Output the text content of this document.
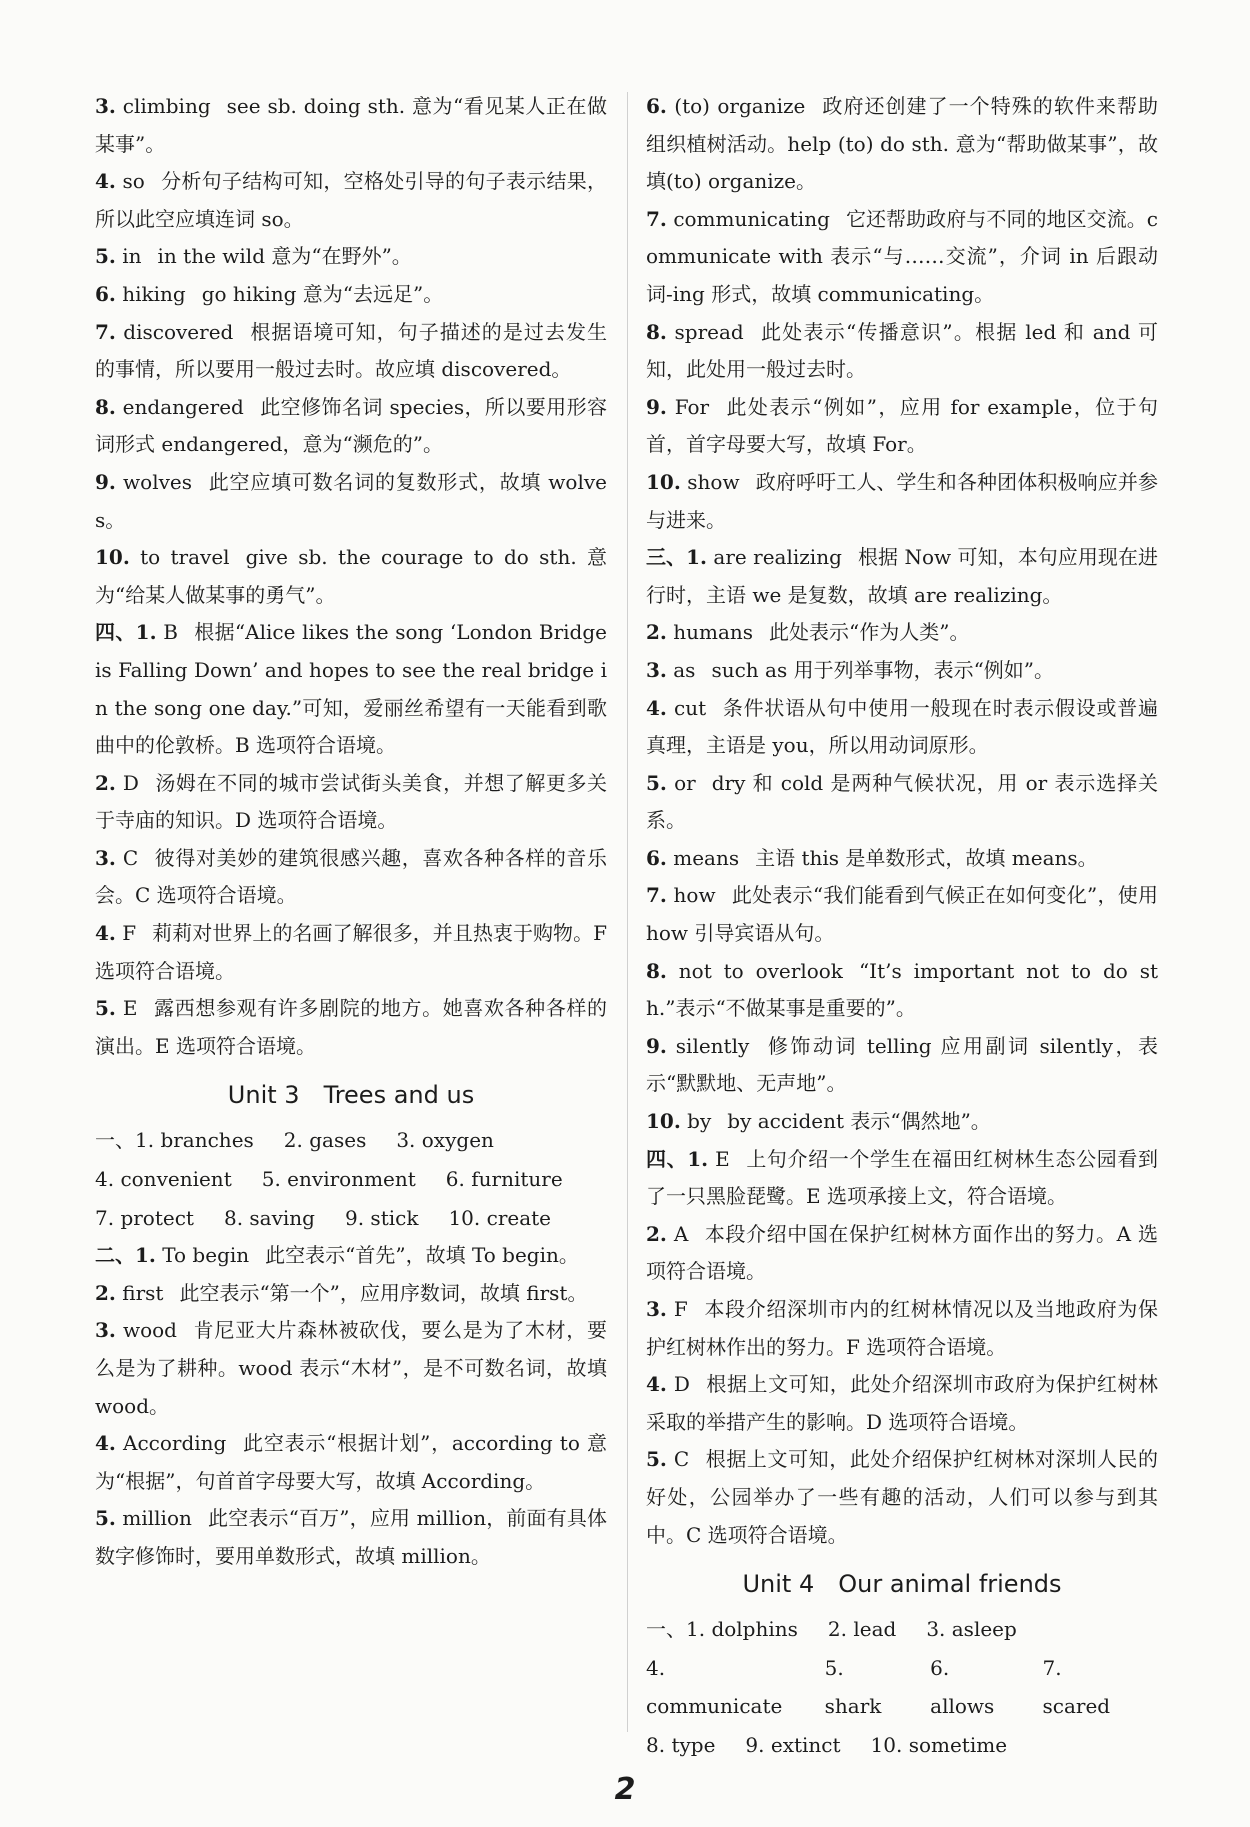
3. climbing see sb. doing sth. 意为“看见某人正在做某事”。

4. so 分析句子结构可知，空格处引导的句子表示结果，所以此空应填连词 so。

5. in in the wild 意为“在野外”。

6. hiking go hiking 意为“去远足”。

7. discovered 根据语境可知，句子描述的是过去发生的事情，所以要用一般过去时。故应填 discovered。

8. endangered 此空修饰名词 species，所以要用形容词形式 endangered，意为“濒危的”。

9. wolves 此空应填可数名词的复数形式，故填 wolves。

10. to travel give sb. the courage to do sth. 意为“给某人做某事的勇气”。

四、1. B 根据“Alice likes the song ‘London Bridge is Falling Down’ and hopes to see the real bridge in the song one day.”可知，爱丽丝希望有一天能看到歌曲中的伦敦桥。B 选项符合语境。

2. D 汤姆在不同的城市尝试街头美食，并想了解更多关于寺庙的知识。D 选项符合语境。

3. C 彼得对美妙的建筑很感兴趣，喜欢各种各样的音乐会。C 选项符合语境。

4. F 莉莉对世界上的名画了解很多，并且热衷于购物。F 选项符合语境。

5. E 露西想参观有许多剧院的地方。她喜欢各种各样的演出。E 选项符合语境。

Unit 3 Trees and us
一、1. branches 2. gases 3. oxygen
4. convenient 5. environment 6. furniture
7. protect 8. saving 9. stick 10. create

二、1. To begin 此空表示“首先”，故填 To begin。

2. first 此空表示“第一个”，应用序数词，故填 first。

3. wood 肯尼亚大片森林被砍伐，要么是为了木材，要么是为了耕种。wood 表示“木材”，是不可数名词，故填 wood。

4. According 此空表示“根据计划”，according to 意为“根据”，句首首字母要大写，故填 According。

5. million 此空表示“百万”，应用 million，前面有具体数字修饰时，要用单数形式，故填 million。

6. (to) organize 政府还创建了一个特殊的软件来帮助组织植树活动。help (to) do sth. 意为“帮助做某事”，故填(to) organize。

7. communicating 它还帮助政府与不同的地区交流。communicate with 表示“与……交流”，介词 in 后跟动词-ing 形式，故填 communicating。

8. spread 此处表示“传播意识”。根据 led 和 and 可知，此处用一般过去时。

9. For 此处表示“例如”，应用 for example，位于句首，首字母要大写，故填 For。

10. show 政府呼吁工人、学生和各种团体积极响应并参与进来。

三、1. are realizing 根据 Now 可知，本句应用现在进行时，主语 we 是复数，故填 are realizing。

2. humans 此处表示“作为人类”。

3. as such as 用于列举事物，表示“例如”。

4. cut 条件状语从句中使用一般现在时表示假设或普遍真理，主语是 you，所以用动词原形。

5. or dry 和 cold 是两种气候状况，用 or 表示选择关系。

6. means 主语 this 是单数形式，故填 means。

7. how 此处表示“我们能看到气候正在如何变化”，使用 how 引导宾语从句。

8. not to overlook “It’s important not to do sth.”表示“不做某事是重要的”。

9. silently 修饰动词 telling 应用副词 silently，表示“默默地、无声地”。

10. by by accident 表示“偶然地”。

四、1. E 上句介绍一个学生在福田红树林生态公园看到了一只黑脸琵鹭。E 选项承接上文，符合语境。

2. A 本段介绍中国在保护红树林方面作出的努力。A 选项符合语境。

3. F 本段介绍深圳市内的红树林情况以及当地政府为保护红树林作出的努力。F 选项符合语境。

4. D 根据上文可知，此处介绍深圳市政府为保护红树林采取的举措产生的影响。D 选项符合语境。

5. C 根据上文可知，此处介绍保护红树林对深圳人民的好处，公园举办了一些有趣的活动，人们可以参与到其中。C 选项符合语境。

Unit 4 Our animal friends
一、1. dolphins 2. lead 3. asleep
4. communicate
5. shark
6. allows
7. scared
8. type 9. extinct 10. sometime
2
